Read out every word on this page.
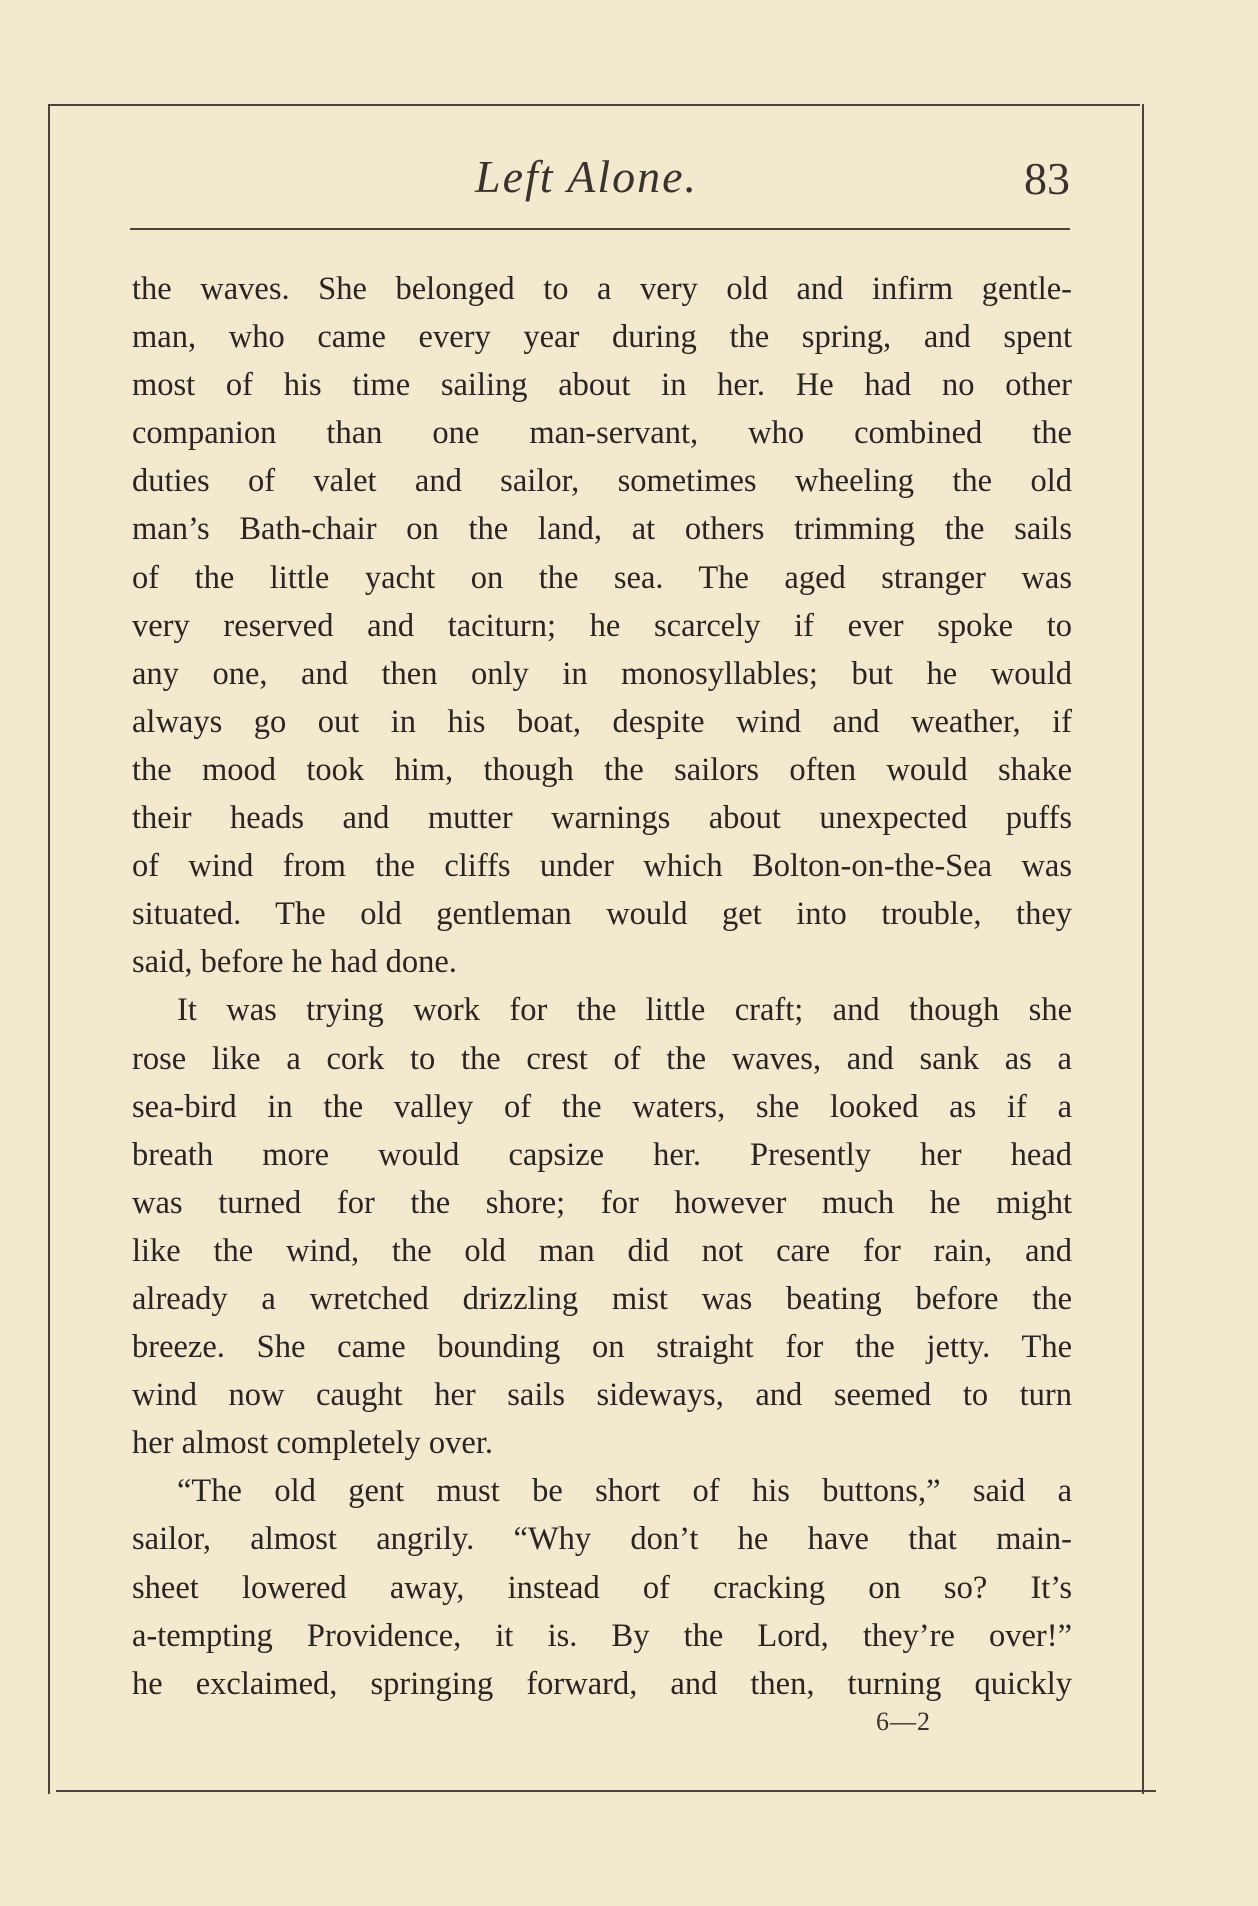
Left Alone.	83
the waves. She belonged to a very old and infirm gentle-
man, who came every year during the spring, and spent
most of his time sailing about in her. He had no other
companion than one man-servant, who combined the
duties of valet and sailor, sometimes wheeling the old
man’s Bath-chair on the land, at others trimming the sails
of the little yacht on the sea. The aged stranger was
very reserved and taciturn; he scarcely if ever spoke to
any one, and then only in monosyllables; but he would
always go out in his boat, despite wind and weather, if
the mood took him, though the sailors often would shake
their heads and mutter warnings about unexpected puffs
of wind from the cliffs under which Bolton-on-the-Sea was
situated. The old gentleman would get into trouble, they
said, before he had done.
It was trying work for the little craft; and though she
rose like a cork to the crest of the waves, and sank as a
sea-bird in the valley of the waters, she looked as if a
breath more would capsize her. Presently her head
was turned for the shore; for however much he might
like the wind, the old man did not care for rain, and
already a wretched drizzling mist was beating before the
breeze. She came bounding on straight for the jetty. The
wind now caught her sails sideways, and seemed to turn
her almost completely over.
“The old gent must be short of his buttons,” said a
sailor, almost angrily. “Why don’t he have that main-
sheet lowered away, instead of cracking on so? It’s
a-tempting Providence, it is. By the Lord, they’re over!”
he exclaimed, springing forward, and then, turning quickly
6—2
